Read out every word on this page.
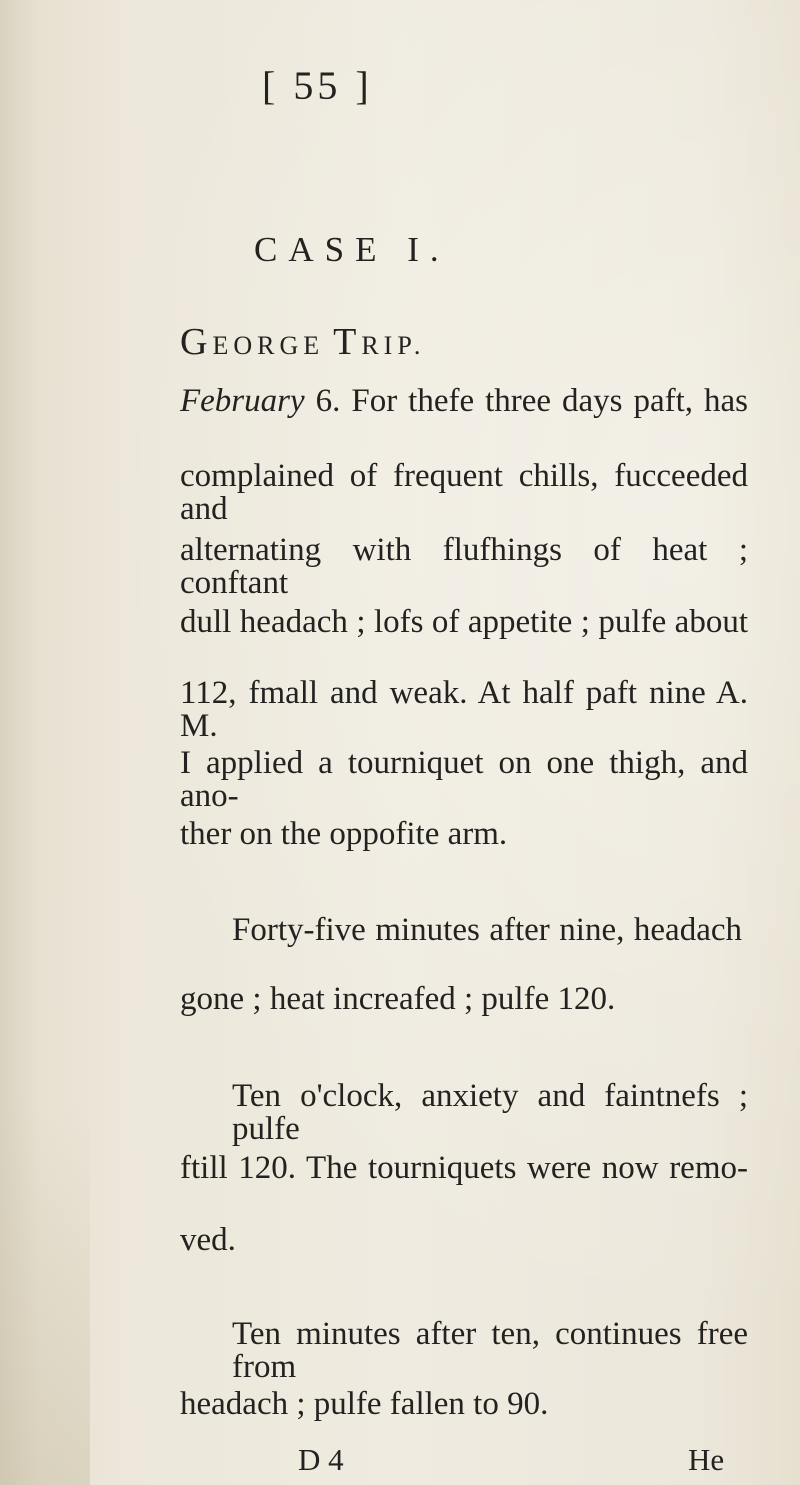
[ 55 ]
CASE I.
GEORGE TRIP.
February 6. For thefe three days paft, has
complained of frequent chills, fucceeded and
alternating with flufhings of heat ; conftant
dull headach ; lofs of appetite ; pulfe about
112, fmall and weak. At half paft nine A. M.
I applied a tourniquet on one thigh, and ano-
ther on the oppofite arm.
Forty-five minutes after nine, headach
gone ; heat increafed ; pulfe 120.
Ten o'clock, anxiety and faintnefs ; pulfe
ftill 120. The tourniquets were now remo-
ved.
Ten minutes after ten, continues free from
headach ; pulfe fallen to 90.
D 4	He
